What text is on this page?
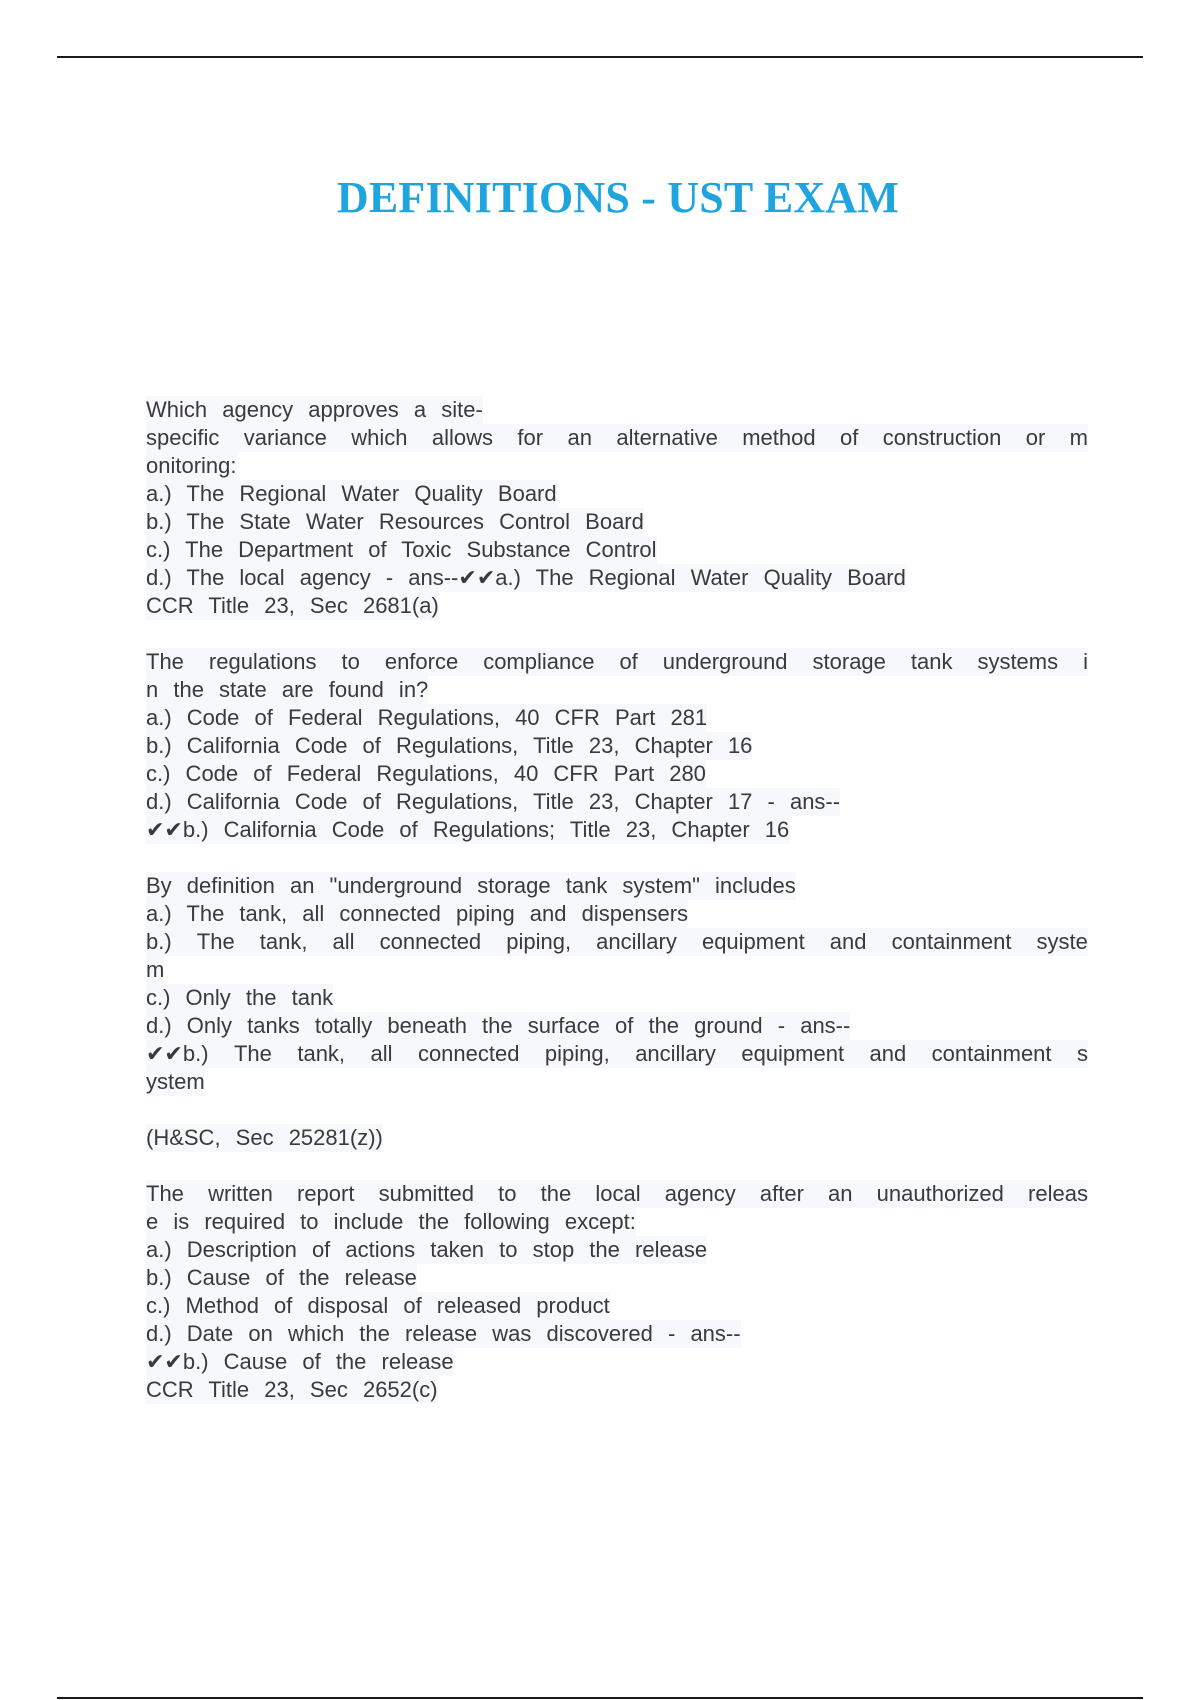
DEFINITIONS - UST EXAM
Which agency approves a site-
specific variance which allows for an alternative method of construction or m
onitoring:
a.) The Regional Water Quality Board
b.) The State Water Resources Control Board
c.) The Department of Toxic Substance Control
d.) The local agency - ans--✔✔a.) The Regional Water Quality Board
CCR Title 23, Sec 2681(a)
The regulations to enforce compliance of underground storage tank systems i
n the state are found in?
a.) Code of Federal Regulations, 40 CFR Part 281
b.) California Code of Regulations, Title 23, Chapter 16
c.) Code of Federal Regulations, 40 CFR Part 280
d.) California Code of Regulations, Title 23, Chapter 17 - ans--
✔✔b.) California Code of Regulations; Title 23, Chapter 16
By definition an "underground storage tank system" includes
a.) The tank, all connected piping and dispensers
b.) The tank, all connected piping, ancillary equipment and containment syste
m
c.) Only the tank
d.) Only tanks totally beneath the surface of the ground - ans--
✔✔b.) The tank, all connected piping, ancillary equipment and containment s
ystem
(H&SC, Sec 25281(z))
The written report submitted to the local agency after an unauthorized releas
e is required to include the following except:
a.) Description of actions taken to stop the release
b.) Cause of the release
c.) Method of disposal of released product
d.) Date on which the release was discovered - ans--
✔✔b.) Cause of the release
CCR Title 23, Sec 2652(c)
